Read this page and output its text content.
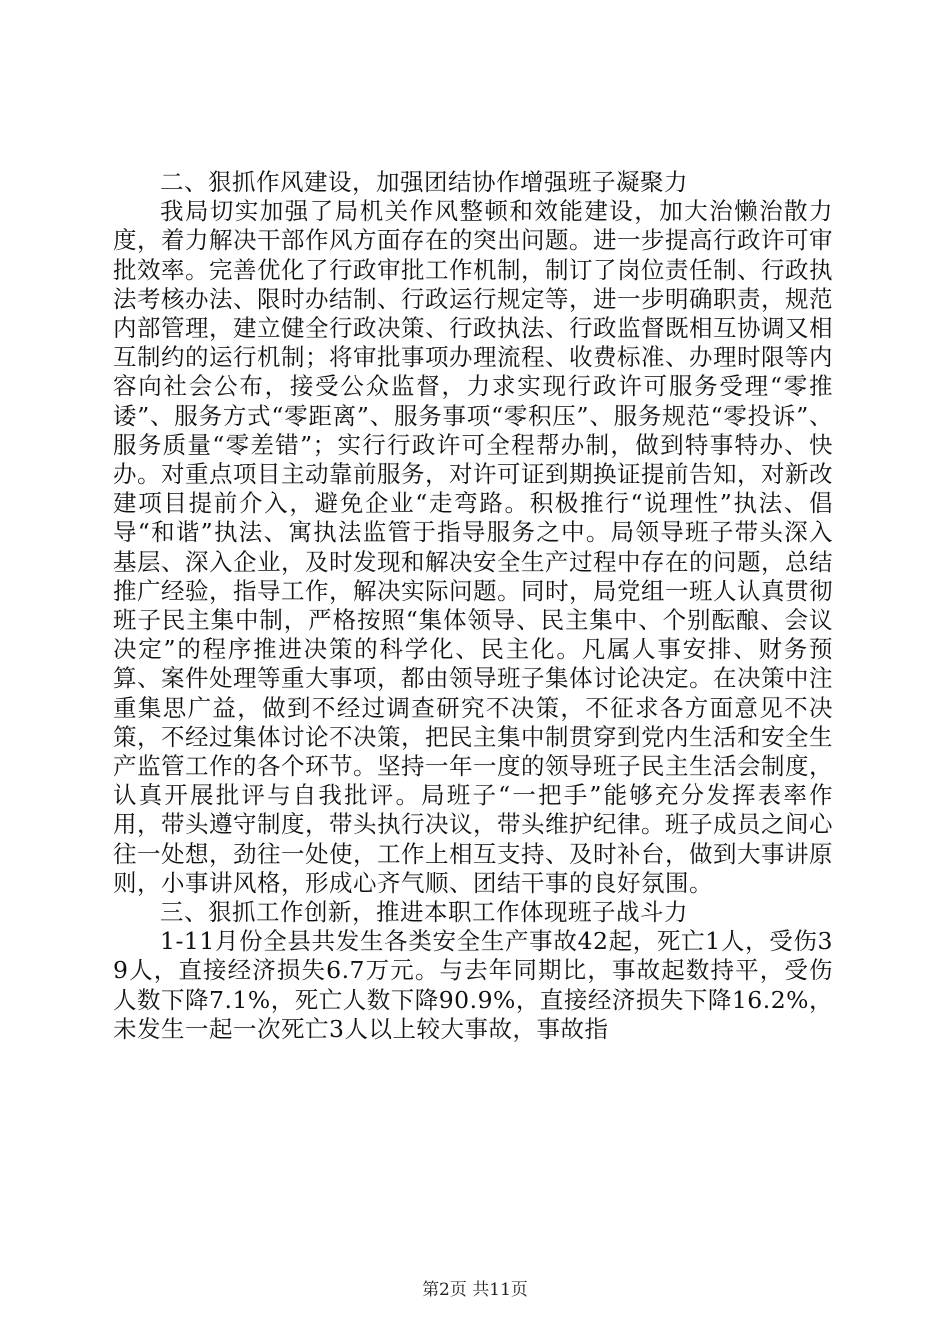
二、狠抓作风建设，加强团结协作增强班子凝聚力

我局切实加强了局机关作风整顿和效能建设，加大治懒治散力度，着力解决干部作风方面存在的突出问题。进一步提高行政许可审批效率。完善优化了行政审批工作机制，制订了岗位责任制、行政执法考核办法、限时办结制、行政运行规定等，进一步明确职责，规范内部管理，建立健全行政决策、行政执法、行政监督既相互协调又相互制约的运行机制；将审批事项办理流程、收费标准、办理时限等内容向社会公布，接受公众监督，力求实现行政许可服务受理“零推诿”、服务方式“零距离”、服务事项“零积压”、服务规范“零投诉”、服务质量“零差错”；实行行政许可全程帮办制，做到特事特办、快办。对重点项目主动靠前服务，对许可证到期换证提前告知，对新改建项目提前介入，避免企业“走弯路。积极推行“说理性”执法、倡导“和谐”执法、寓执法监管于指导服务之中。局领导班子带头深入基层、深入企业，及时发现和解决安全生产过程中存在的问题，总结推广经验，指导工作，解决实际问题。同时，局党组一班人认真贯彻班子民主集中制，严格按照“集体领导、民主集中、个别酝酿、会议决定”的程序推进决策的科学化、民主化。凡属人事安排、财务预算、案件处理等重大事项，都由领导班子集体讨论决定。在决策中注重集思广益，做到不经过调查研究不决策，不征求各方面意见不决策，不经过集体讨论不决策，把民主集中制贯穿到党内生活和安全生产监管工作的各个环节。坚持一年一度的领导班子民主生活会制度，认真开展批评与自我批评。局班子“一把手”能够充分发挥表率作用，带头遵守制度，带头执行决议，带头维护纪律。班子成员之间心往一处想，劲往一处使，工作上相互支持、及时补台，做到大事讲原则，小事讲风格，形成心齐气顺、团结干事的良好氛围。

三、狠抓工作创新，推进本职工作体现班子战斗力

1-11月份全县共发生各类安全生产事故42起，死亡1人，受伤39人，直接经济损失6.7万元。与去年同期比，事故起数持平，受伤人数下降7.1%，死亡人数下降90.9%，直接经济损失下降16.2%，未发生一起一次死亡3人以上较大事故，事故指

第2页 共11页
